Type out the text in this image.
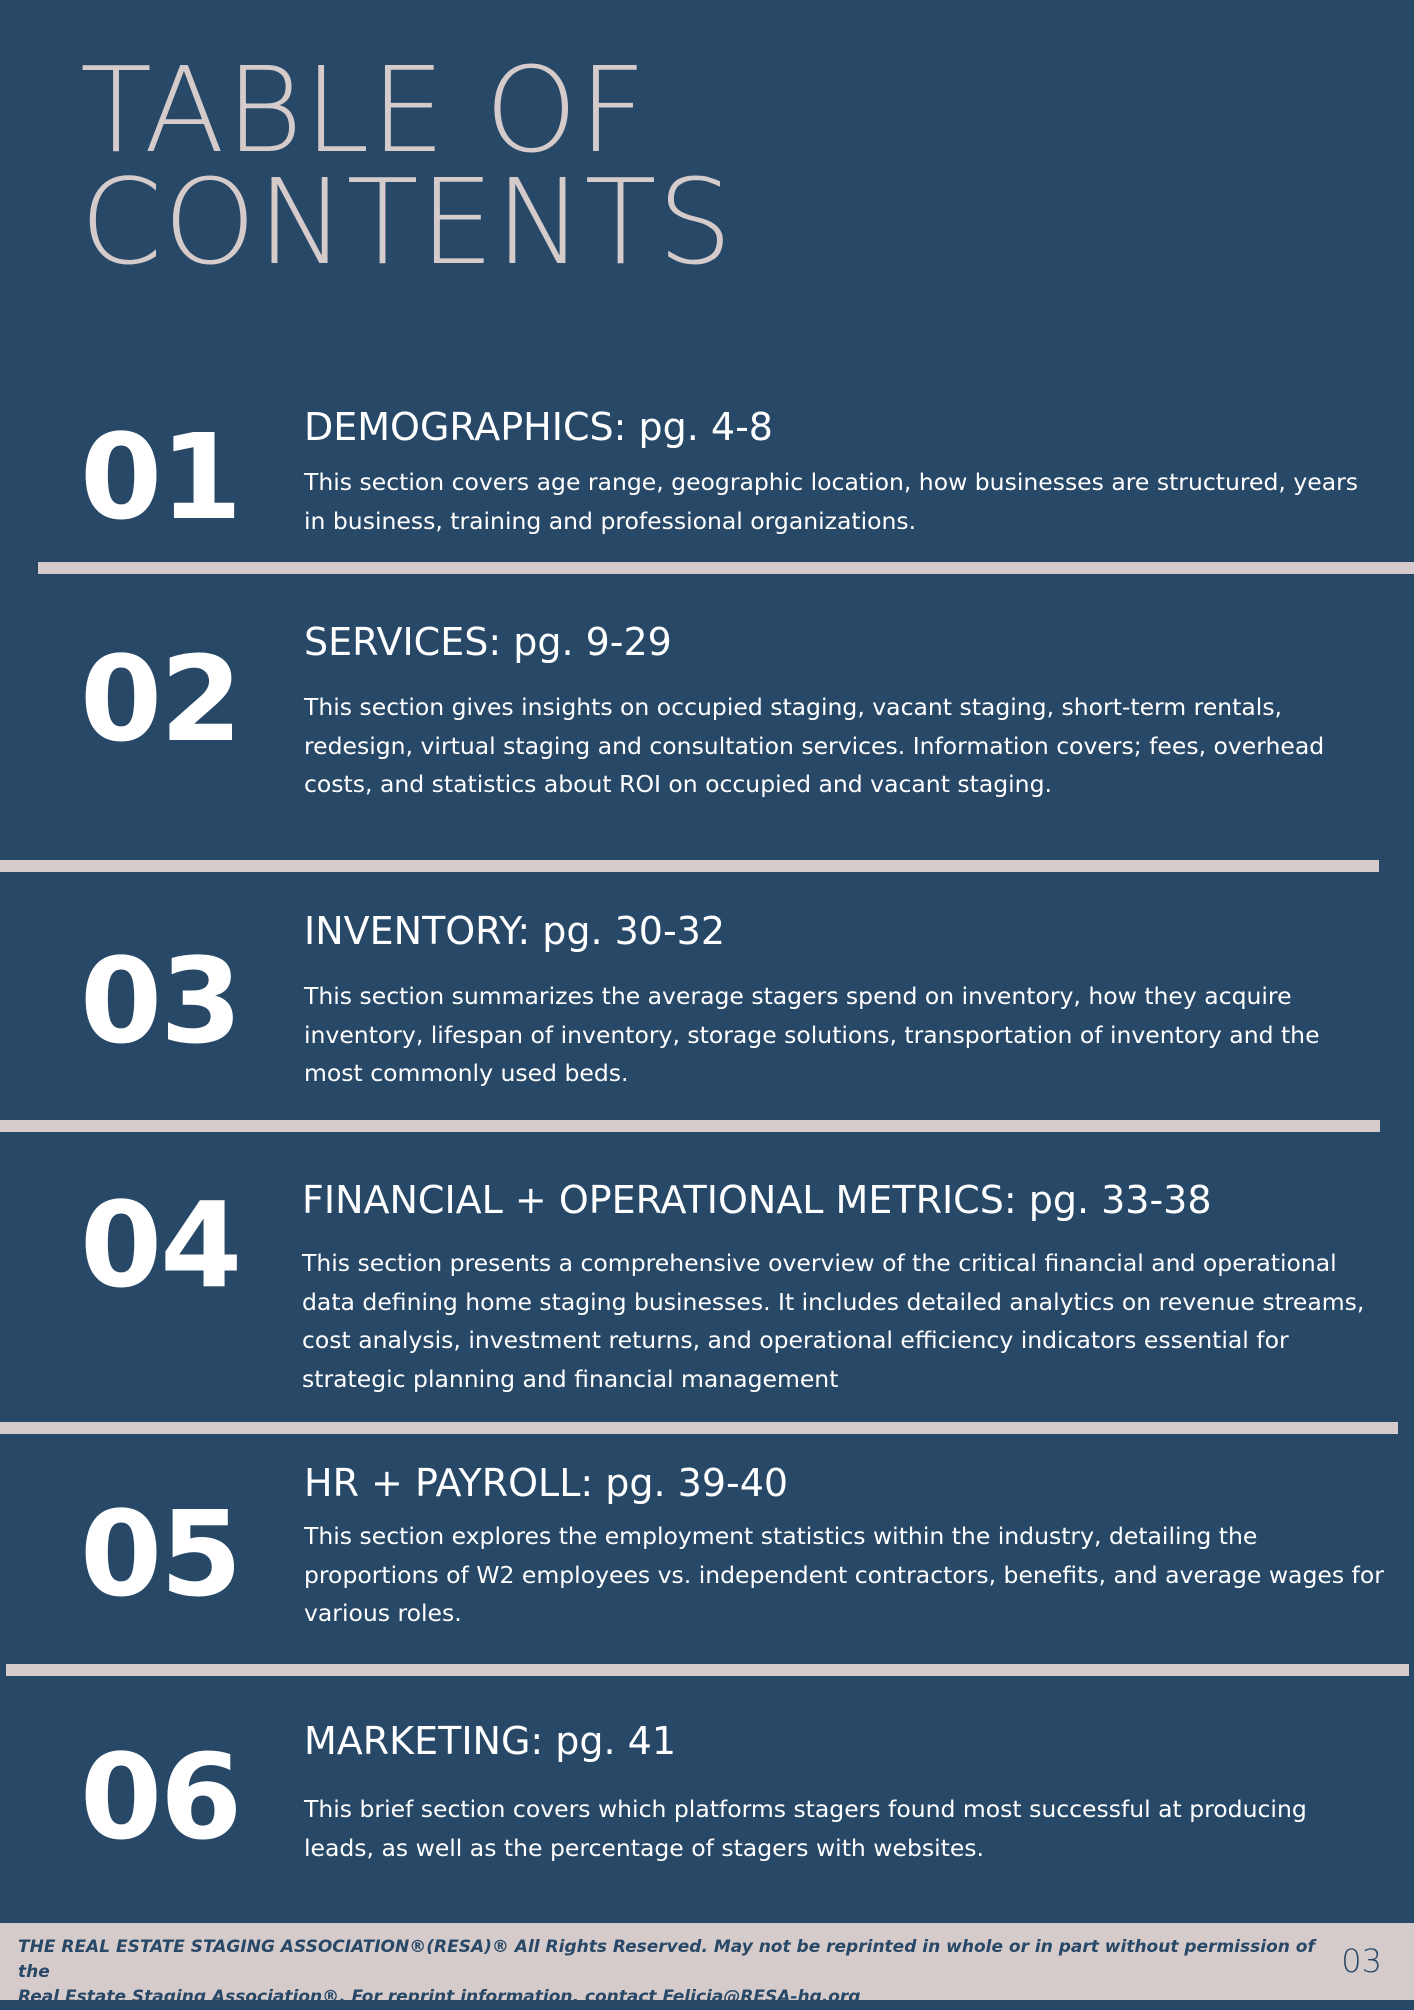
TABLE OF
CONTENTS
01 DEMOGRAPHICS: pg. 4-8

This section covers age range, geographic location, how businesses are structured, years in business, training and professional organizations.

02 SERVICES: pg. 9-29

This section gives insights on occupied staging, vacant staging, short-term rentals, redesign, virtual staging and consultation services. Information covers; fees, overhead costs, and statistics about ROI on occupied and vacant staging.

03
INVENTORY: pg. 30-32

This section summarizes the average stagers spend on inventory, how they acquire inventory, lifespan of inventory, storage solutions, transportation of inventory and the most commonly used beds.

04 FINANCIAL + OPERATIONAL METRICS: pg. 33-38

This section presents a comprehensive overview of the critical financial and operational data defining home staging businesses. It includes detailed analytics on revenue streams, cost analysis, investment returns, and operational efficiency indicators essential for strategic planning and financial management

05
HR + PAYROLL: pg. 39-40

This section explores the employment statistics within the industry, detailing the proportions of W2 employees vs. independent contractors, benefits, and average wages for various roles.

06 MARKETING: pg. 41

This brief section covers which platforms stagers found most successful at producing leads, as well as the percentage of stagers with websites.

THE REAL ESTATE STAGING ASSOCIATION®(RESA)® All Rights Reserved. May not be reprinted in whole or in part without permission of the
Real Estate Staging Association®. For reprint information, contact Felicia@RESA-hq.org

03
